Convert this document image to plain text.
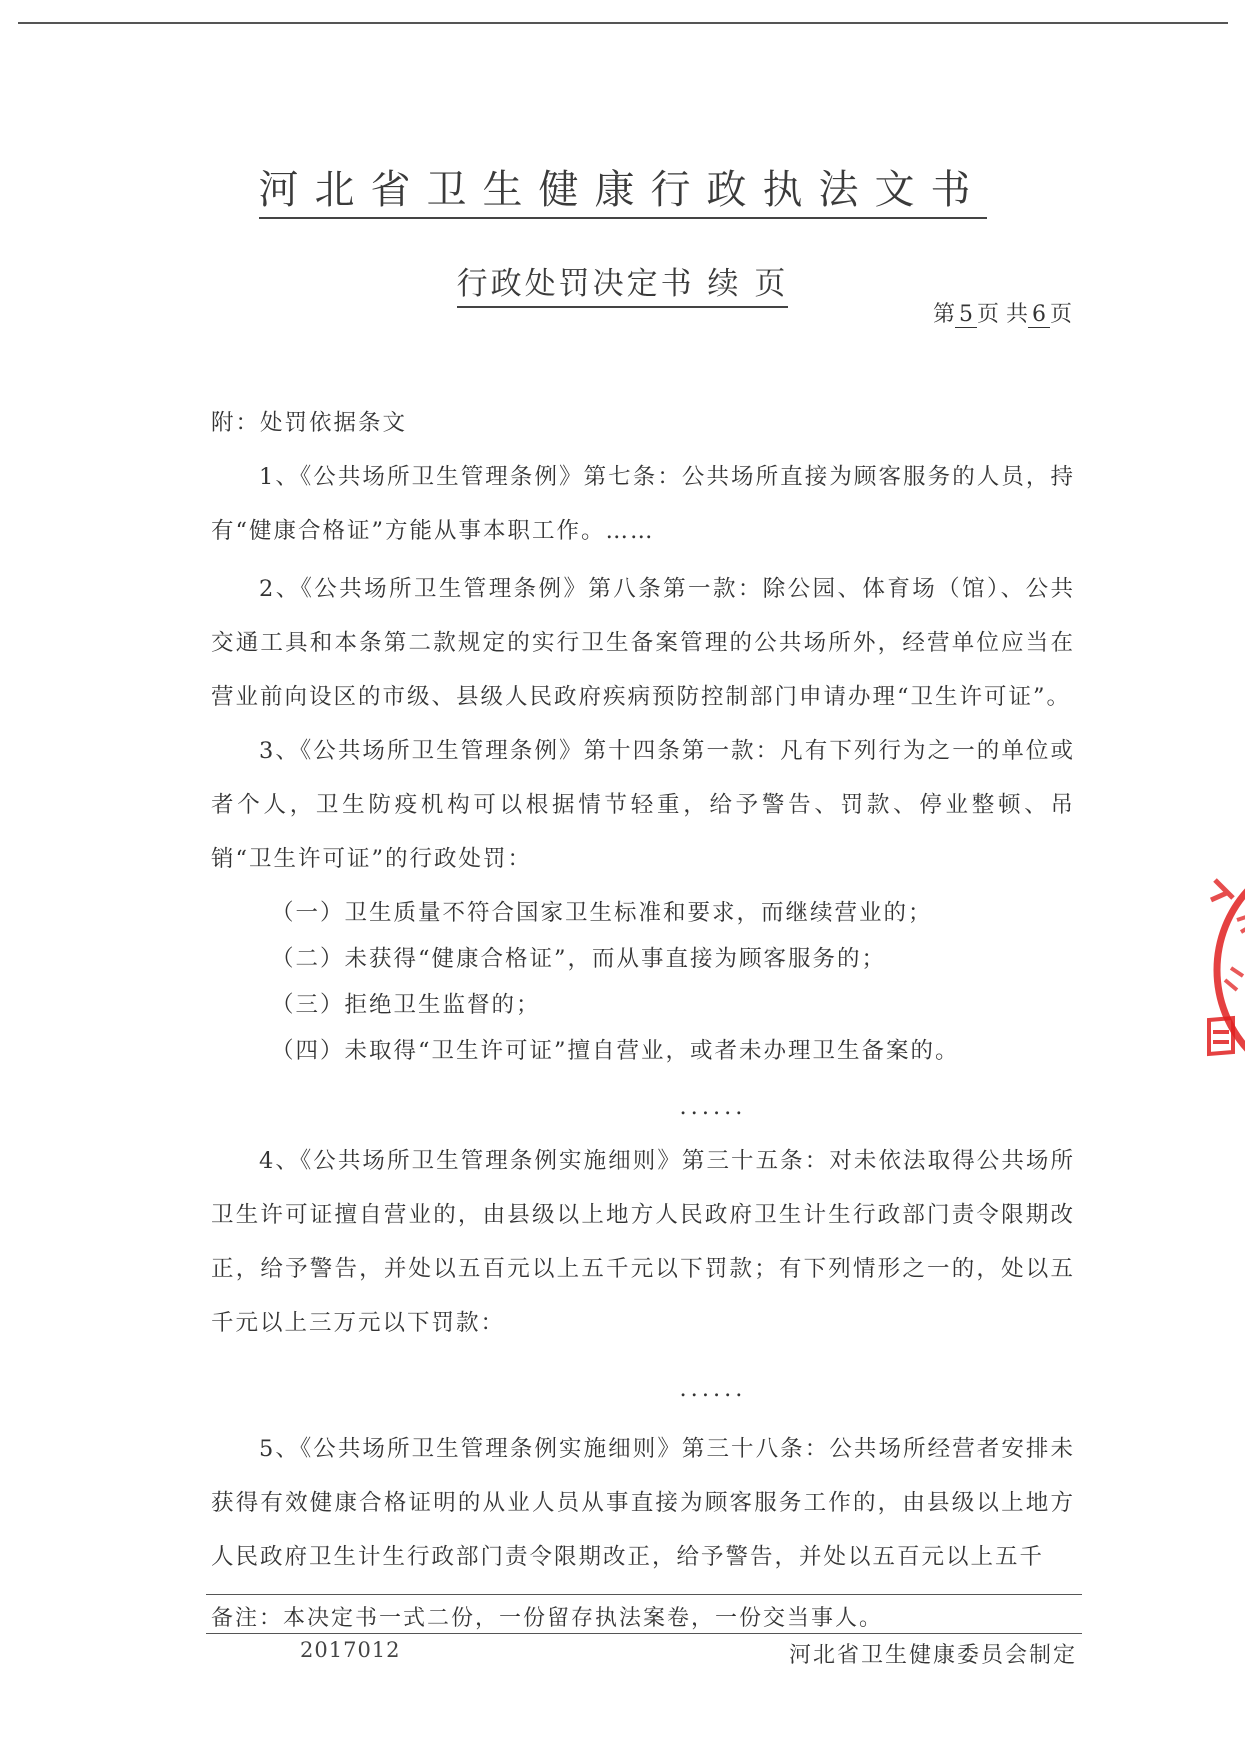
河北省卫生健康行政执法文书
行政处罚决定书 续 页
第 5 页 共 6 页

附：处罚依据条文

1、《公共场所卫生管理条例》第七条：公共场所直接为顾客服务的人员，持有“健康合格证”方能从事本职工作。……

2、《公共场所卫生管理条例》第八条第一款：除公园、体育场（馆）、公共交通工具和本条第二款规定的实行卫生备案管理的公共场所外，经营单位应当在营业前向设区的市级、县级人民政府疾病预防控制部门申请办理“卫生许可证”。

3、《公共场所卫生管理条例》第十四条第一款：凡有下列行为之一的单位或者个人，卫生防疫机构可以根据情节轻重，给予警告、罚款、停业整顿、吊销“卫生许可证”的行政处罚：

（一）卫生质量不符合国家卫生标准和要求，而继续营业的；

（二）未获得“健康合格证”，而从事直接为顾客服务的；

（三）拒绝卫生监督的；

（四）未取得“卫生许可证”擅自营业，或者未办理卫生备案的。

......

4、《公共场所卫生管理条例实施细则》第三十五条：对未依法取得公共场所卫生许可证擅自营业的，由县级以上地方人民政府卫生计生行政部门责令限期改正，给予警告，并处以五百元以上五千元以下罚款；有下列情形之一的，处以五千元以上三万元以下罚款：

......

5、《公共场所卫生管理条例实施细则》第三十八条：公共场所经营者安排未获得有效健康合格证明的从业人员从事直接为顾客服务工作的，由县级以上地方人民政府卫生计生行政部门责令限期改正，给予警告，并处以五百元以上五千

备注：本决定书一式二份，一份留存执法案卷，一份交当事人。
2017012	河北省卫生健康委员会制定
